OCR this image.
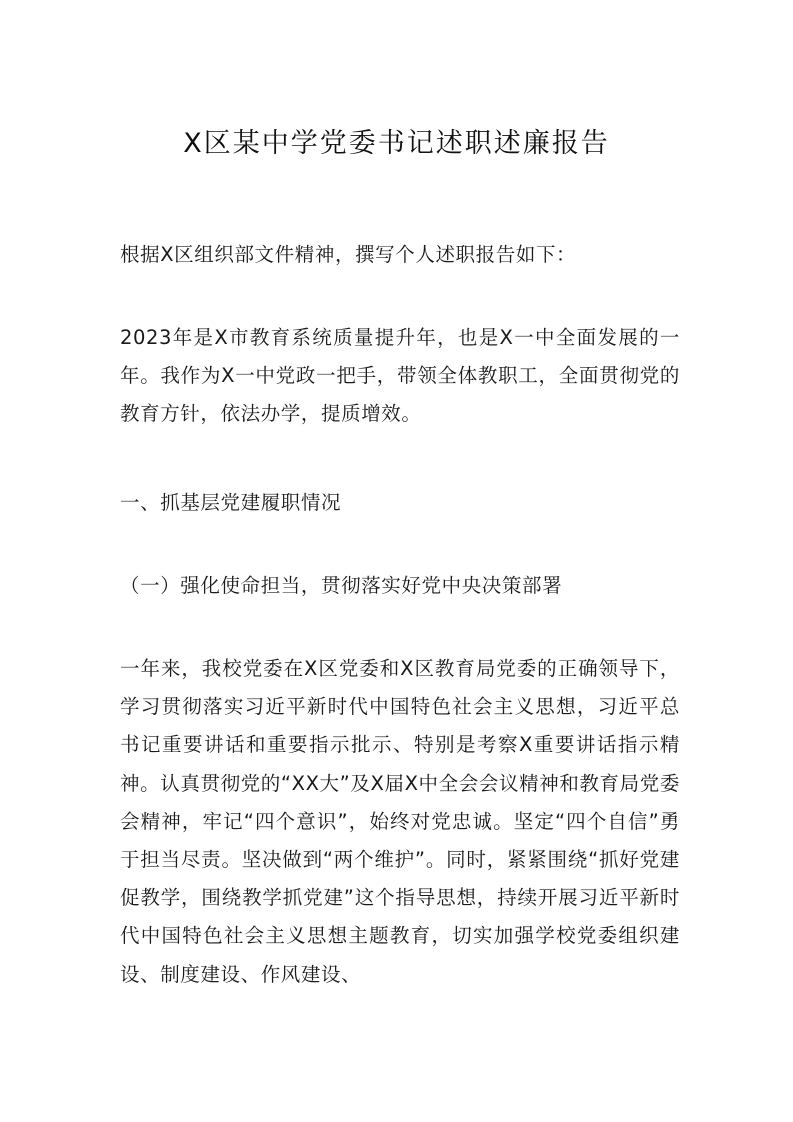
X区某中学党委书记述职述廉报告
根据X区组织部文件精神，撰写个人述职报告如下：
2023年是X市教育系统质量提升年，也是X一中全面发展的一年。我作为X一中党政一把手，带领全体教职工，全面贯彻党的教育方针，依法办学，提质增效。
一、抓基层党建履职情况
（一）强化使命担当，贯彻落实好党中央决策部署
一年来，我校党委在X区党委和X区教育局党委的正确领导下，学习贯彻落实习近平新时代中国特色社会主义思想，习近平总书记重要讲话和重要指示批示、特别是考察X重要讲话指示精神。认真贯彻党的“XX大”及X届X中全会会议精神和教育局党委会精神，牢记“四个意识”，始终对党忠诚。坚定“四个自信”勇于担当尽责。坚决做到“两个维护”。同时，紧紧围绕“抓好党建促教学，围绕教学抓党建”这个指导思想，持续开展习近平新时代中国特色社会主义思想主题教育，切实加强学校党委组织建设、制度建设、作风建设、
